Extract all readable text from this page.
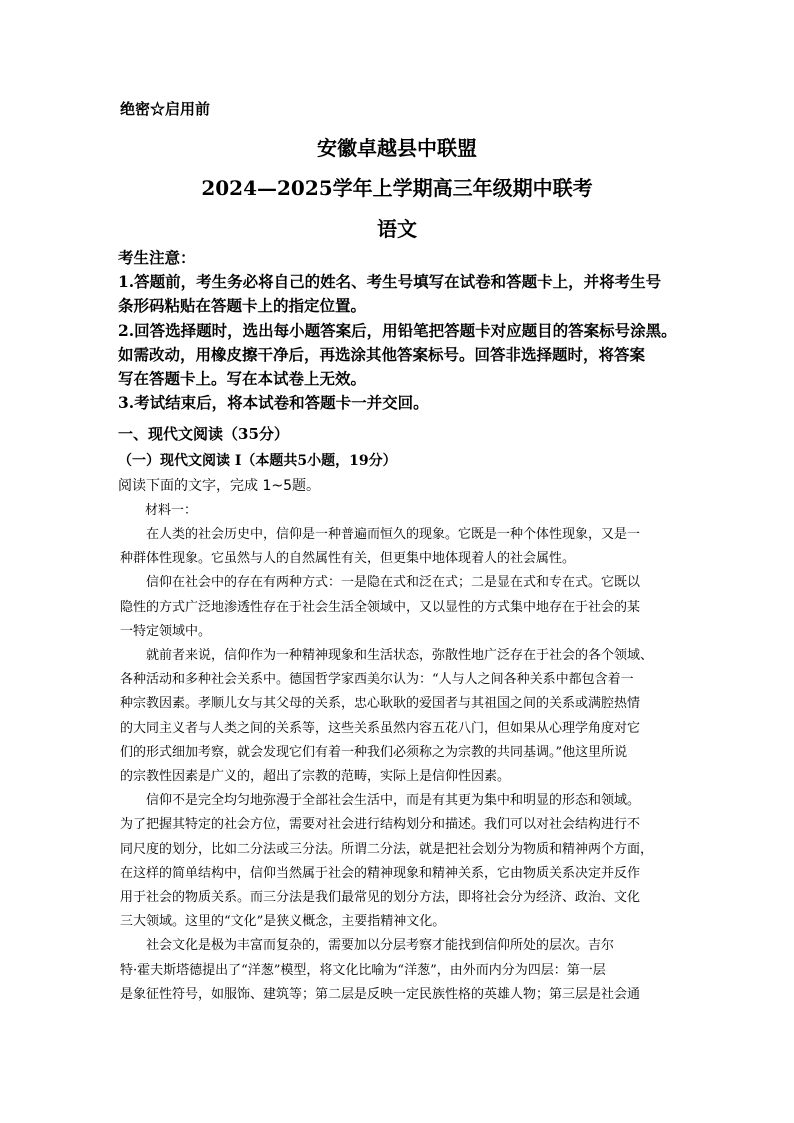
绝密☆启用前
安徽卓越县中联盟
2024—2025学年上学期高三年级期中联考
语文

考生注意：

1.答题前，考生务必将自己的姓名、考生号填写在试卷和答题卡上，并将考生号

条形码粘贴在答题卡上的指定位置。

2.回答选择题时，选出每小题答案后，用铅笔把答题卡对应题目的答案标号涂黑。

如需改动，用橡皮擦干净后，再选涂其他答案标号。回答非选择题时，将答案

写在答题卡上。写在本试卷上无效。

3.考试结束后，将本试卷和答题卡一并交回。

一、现代文阅读（35分）
（一）现代文阅读 I（本题共5小题，19分）
阅读下面的文字，完成 1~5题。
材料一：

　　在人类的社会历史中，信仰是一种普遍而恒久的现象。它既是一种个体性现象，又是一

种群体性现象。它虽然与人的自然属性有关，但更集中地体现着人的社会属性。

　　信仰在社会中的存在有两种方式：一是隐在式和泛在式；二是显在式和专在式。它既以

隐性的方式广泛地渗透性存在于社会生活全领域中，又以显性的方式集中地存在于社会的某

一特定领域中。

　　就前者来说，信仰作为一种精神现象和生活状态，弥散性地广泛存在于社会的各个领域、

各种活动和多种社会关系中。德国哲学家西美尔认为：“人与人之间各种关系中都包含着一

种宗教因素。孝顺儿女与其父母的关系，忠心耿耿的爱国者与其祖国之间的关系或满腔热情

的大同主义者与人类之间的关系等，这些关系虽然内容五花八门，但如果从心理学角度对它

们的形式细加考察，就会发现它们有着一种我们必须称之为宗教的共同基调。”他这里所说

的宗教性因素是广义的，超出了宗教的范畴，实际上是信仰性因素。

　　信仰不是完全均匀地弥漫于全部社会生活中，而是有其更为集中和明显的形态和领域。

为了把握其特定的社会方位，需要对社会进行结构划分和描述。我们可以对社会结构进行不

同尺度的划分，比如二分法或三分法。所谓二分法，就是把社会划分为物质和精神两个方面，

在这样的简单结构中，信仰当然属于社会的精神现象和精神关系，它由物质关系决定并反作

用于社会的物质关系。而三分法是我们最常见的划分方法，即将社会分为经济、政治、文化

三大领域。这里的“文化”是狭义概念，主要指精神文化。

　　社会文化是极为丰富而复杂的，需要加以分层考察才能找到信仰所处的层次。吉尔

特·霍夫斯塔德提出了“洋葱”模型，将文化比喻为“洋葱”，由外而内分为四层：第一层

是象征性符号，如服饰、建筑等；第二层是反映一定民族性格的英雄人物；第三层是社会通
